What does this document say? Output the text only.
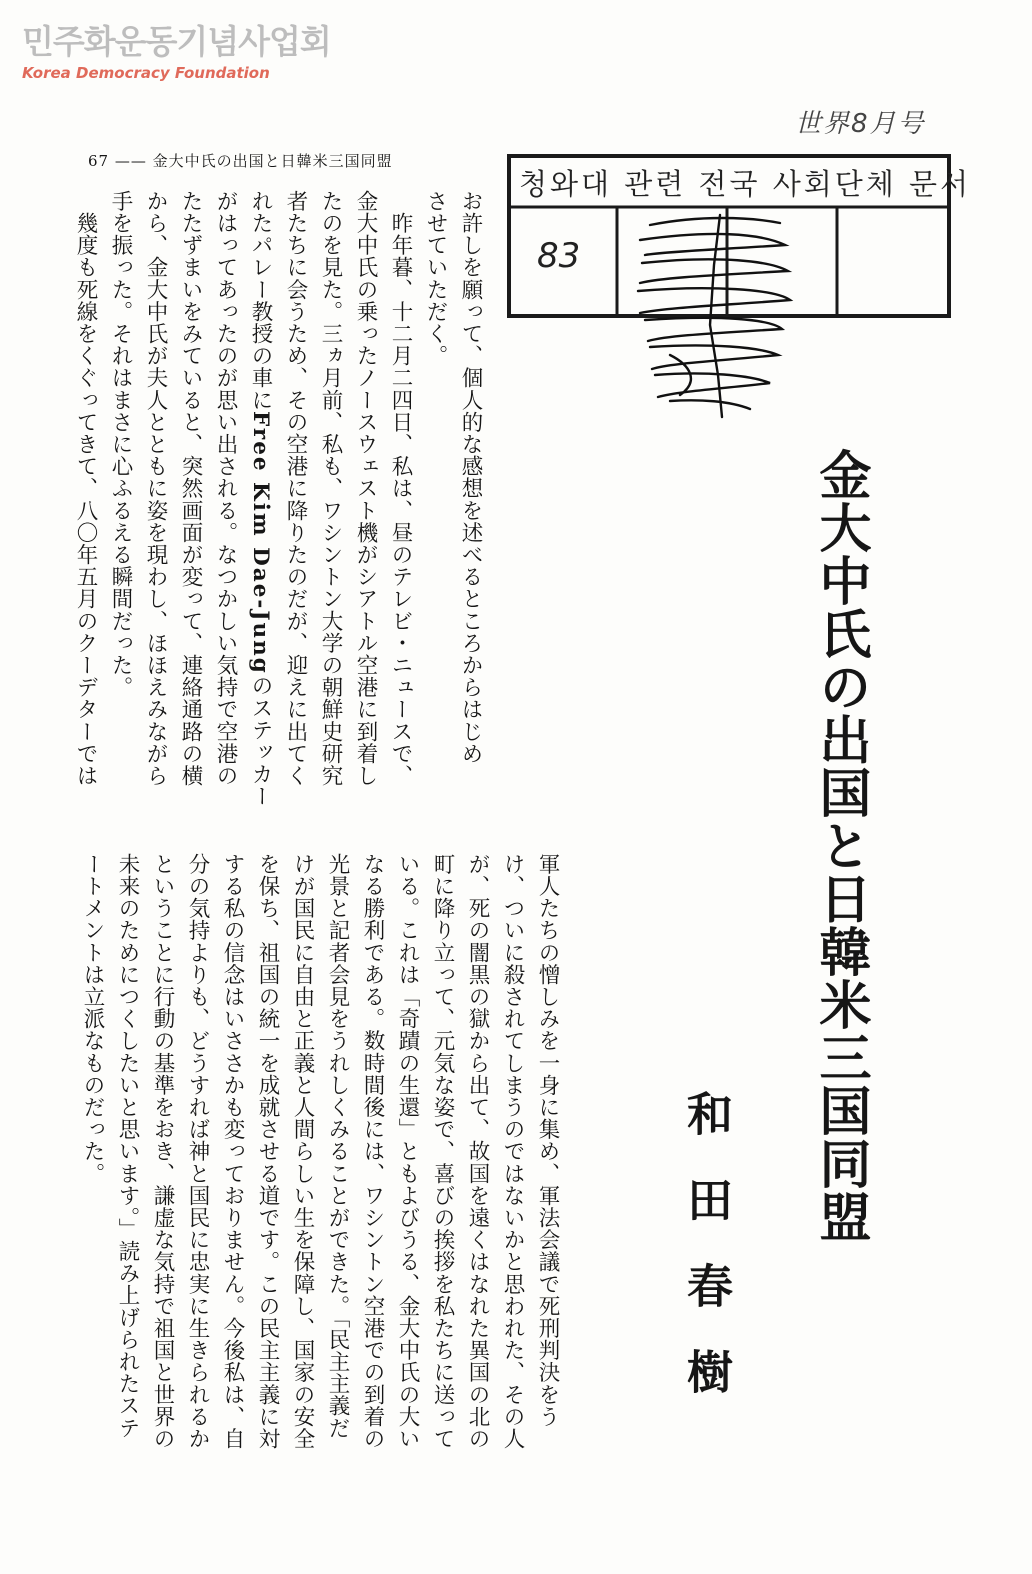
민주화운동기념사업회
Korea Democracy Foundation
67 —— 金大中氏の出国と日韓米三国同盟
世界8月号
청와대 관련 전국 사회단체 문서
83
金大中氏の出国と日韓米三国同盟
和田春樹

お許しを願って、個人的な感想を述べるところからはじめ

させていただく。

　昨年暮、十二月二四日、私は、昼のテレビ・ニュースで、

金大中氏の乗ったノースウェスト機がシアトル空港に到着し

たのを見た。三ヵ月前、私も、ワシントン大学の朝鮮史研究

者たちに会うため、その空港に降りたのだが、迎えに出てく

れたパレー教授の車にFree Kim Dae-Jungのステッカー

がはってあったのが思い出される。なつかしい気持で空港の

たたずまいをみていると、突然画面が変って、連絡通路の横

から、金大中氏が夫人とともに姿を現わし、ほほえみながら

手を振った。それはまさに心ふるえる瞬間だった。

　幾度も死線をくぐってきて、八〇年五月のクーデターでは

軍人たちの憎しみを一身に集め、軍法会議で死刑判決をう

け、ついに殺されてしまうのではないかと思われた、その人

が、死の闇黒の獄から出て、故国を遠くはなれた異国の北の

町に降り立って、元気な姿で、喜びの挨拶を私たちに送って

いる。これは「奇蹟の生還」ともよびうる、金大中氏の大い

なる勝利である。数時間後には、ワシントン空港での到着の

光景と記者会見をうれしくみることができた。「民主主義だ

けが国民に自由と正義と人間らしい生を保障し、国家の安全

を保ち、祖国の統一を成就させる道です。この民主主義に対

する私の信念はいささかも変っておりません。今後私は、自

分の気持よりも、どうすれば神と国民に忠実に生きられるか

ということに行動の基準をおき、謙虚な気持で祖国と世界の

未来のためにつくしたいと思います。」読み上げられたステ

ートメントは立派なものだった。
